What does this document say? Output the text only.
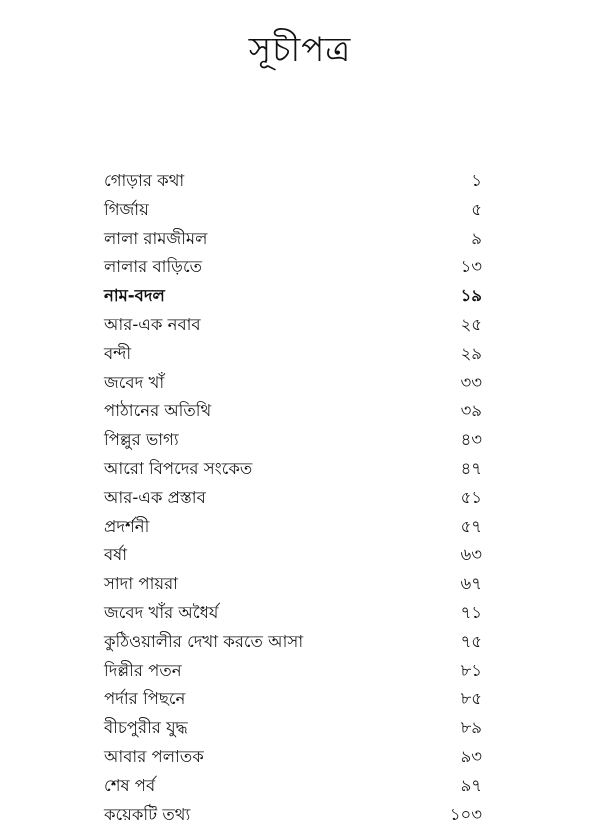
সূচীপত্র
গোড়ার কথা	১
গির্জায়	৫
লালা রামজীমল	৯
লালার বাড়িতে	১৩
নাম-বদল	১৯
আর-এক নবাব	২৫
বন্দী	২৯
জবেদ খাঁ	৩৩
পাঠানের অতিথি	৩৯
পিল্লুর ভাগ্য	৪৩
আরো বিপদের সংকেত	৪৭
আর-এক প্রস্তাব	৫১
প্রদর্শনী	৫৭
বর্ষা	৬৩
সাদা পায়রা	৬৭
জবেদ খাঁর অধৈর্য	৭১
কুঠিওয়ালীর দেখা করতে আসা	৭৫
দিল্লীর পতন	৮১
পর্দার পিছনে	৮৫
বীচপুরীর যুদ্ধ	৮৯
আবার পলাতক	৯৩
শেষ পর্ব	৯৭
কয়েকটি তথ্য	১০৩
